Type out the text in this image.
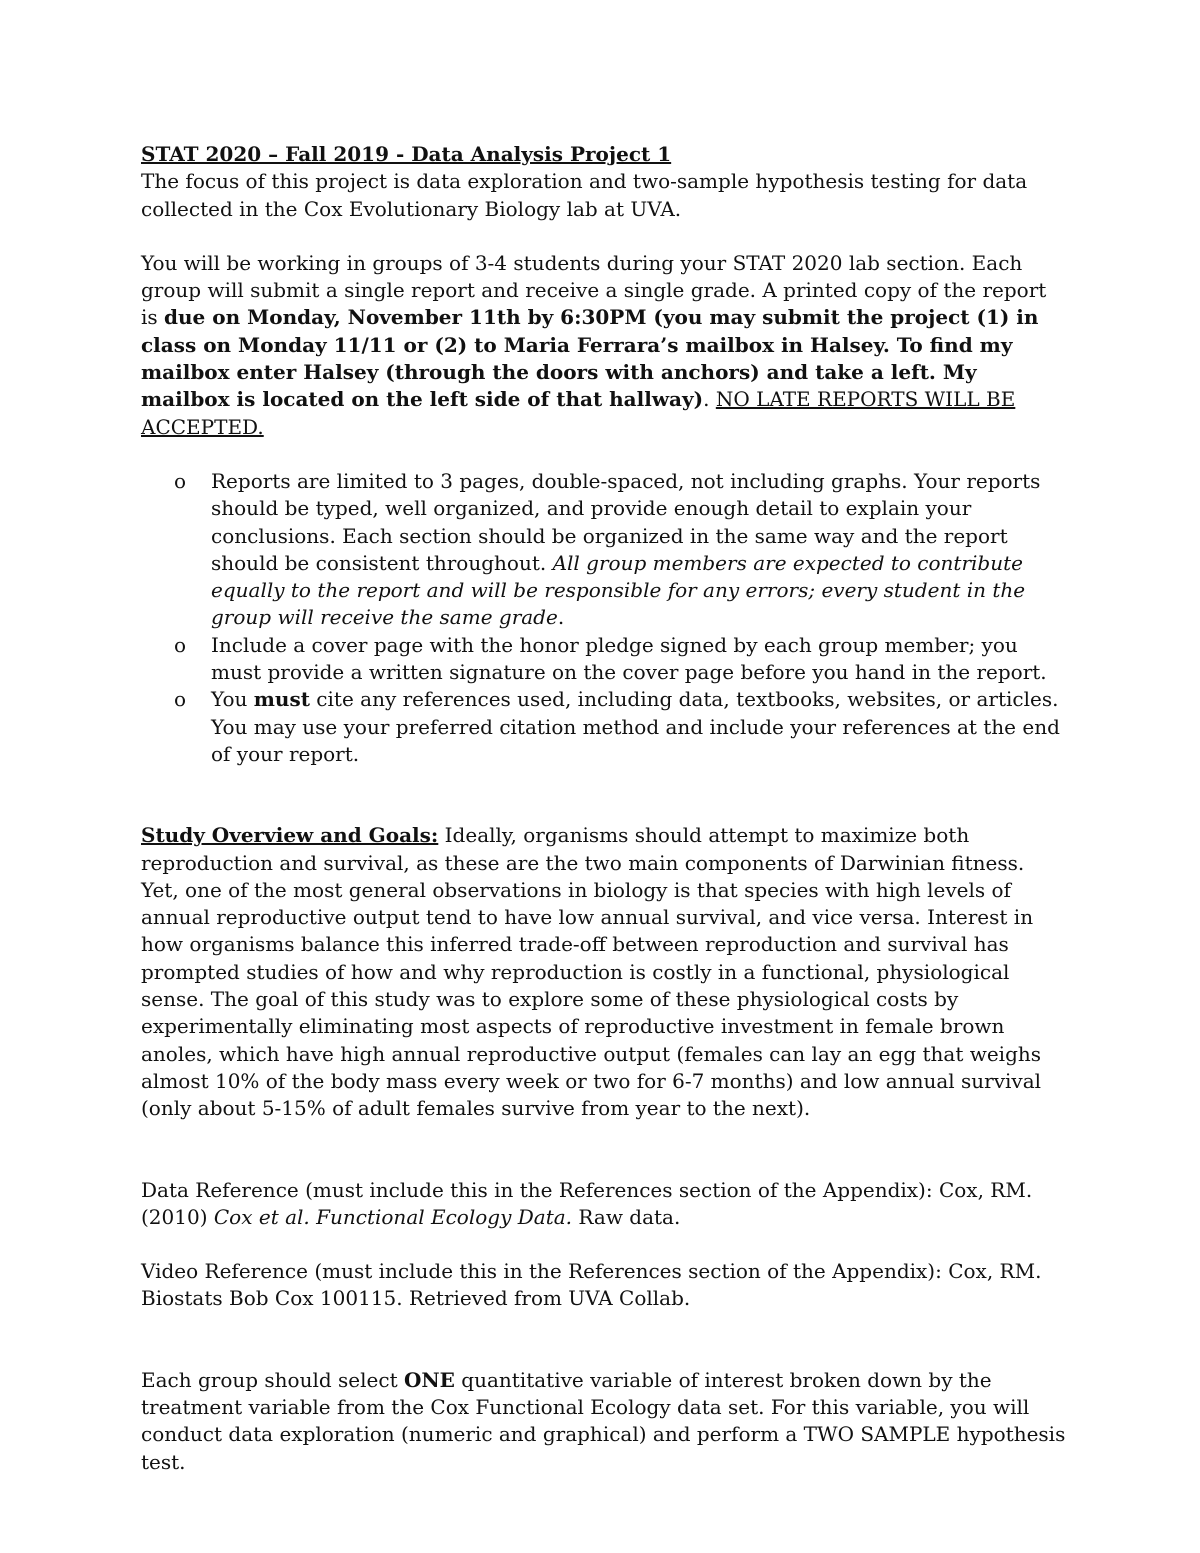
STAT 2020 – Fall 2019 - Data Analysis Project 1

The focus of this project is data exploration and two-sample hypothesis testing for data collected in the Cox Evolutionary Biology lab at UVA.

You will be working in groups of 3-4 students during your STAT 2020 lab section. Each group will submit a single report and receive a single grade. A printed copy of the report is due on Monday, November 11th by 6:30PM (you may submit the project (1) in class on Monday 11/11 or (2) to Maria Ferrara’s mailbox in Halsey. To find my mailbox enter Halsey (through the doors with anchors) and take a left. My mailbox is located on the left side of that hallway). NO LATE REPORTS WILL BE ACCEPTED.

o Reports are limited to 3 pages, double-spaced, not including graphs. Your reports should be typed, well organized, and provide enough detail to explain your conclusions. Each section should be organized in the same way and the report should be consistent throughout. All group members are expected to contribute equally to the report and will be responsible for any errors; every student in the group will receive the same grade.
o Include a cover page with the honor pledge signed by each group member; you must provide a written signature on the cover page before you hand in the report.
o You must cite any references used, including data, textbooks, websites, or articles. You may use your preferred citation method and include your references at the end of your report.

Study Overview and Goals: Ideally, organisms should attempt to maximize both reproduction and survival, as these are the two main components of Darwinian fitness. Yet, one of the most general observations in biology is that species with high levels of annual reproductive output tend to have low annual survival, and vice versa. Interest in how organisms balance this inferred trade-off between reproduction and survival has prompted studies of how and why reproduction is costly in a functional, physiological sense. The goal of this study was to explore some of these physiological costs by experimentally eliminating most aspects of reproductive investment in female brown anoles, which have high annual reproductive output (females can lay an egg that weighs almost 10% of the body mass every week or two for 6-7 months) and low annual survival (only about 5-15% of adult females survive from year to the next).

Data Reference (must include this in the References section of the Appendix): Cox, RM. (2010) Cox et al. Functional Ecology Data. Raw data.

Video Reference (must include this in the References section of the Appendix): Cox, RM. Biostats Bob Cox 100115. Retrieved from UVA Collab.

Each group should select ONE quantitative variable of interest broken down by the treatment variable from the Cox Functional Ecology data set. For this variable, you will conduct data exploration (numeric and graphical) and perform a TWO SAMPLE hypothesis test.
